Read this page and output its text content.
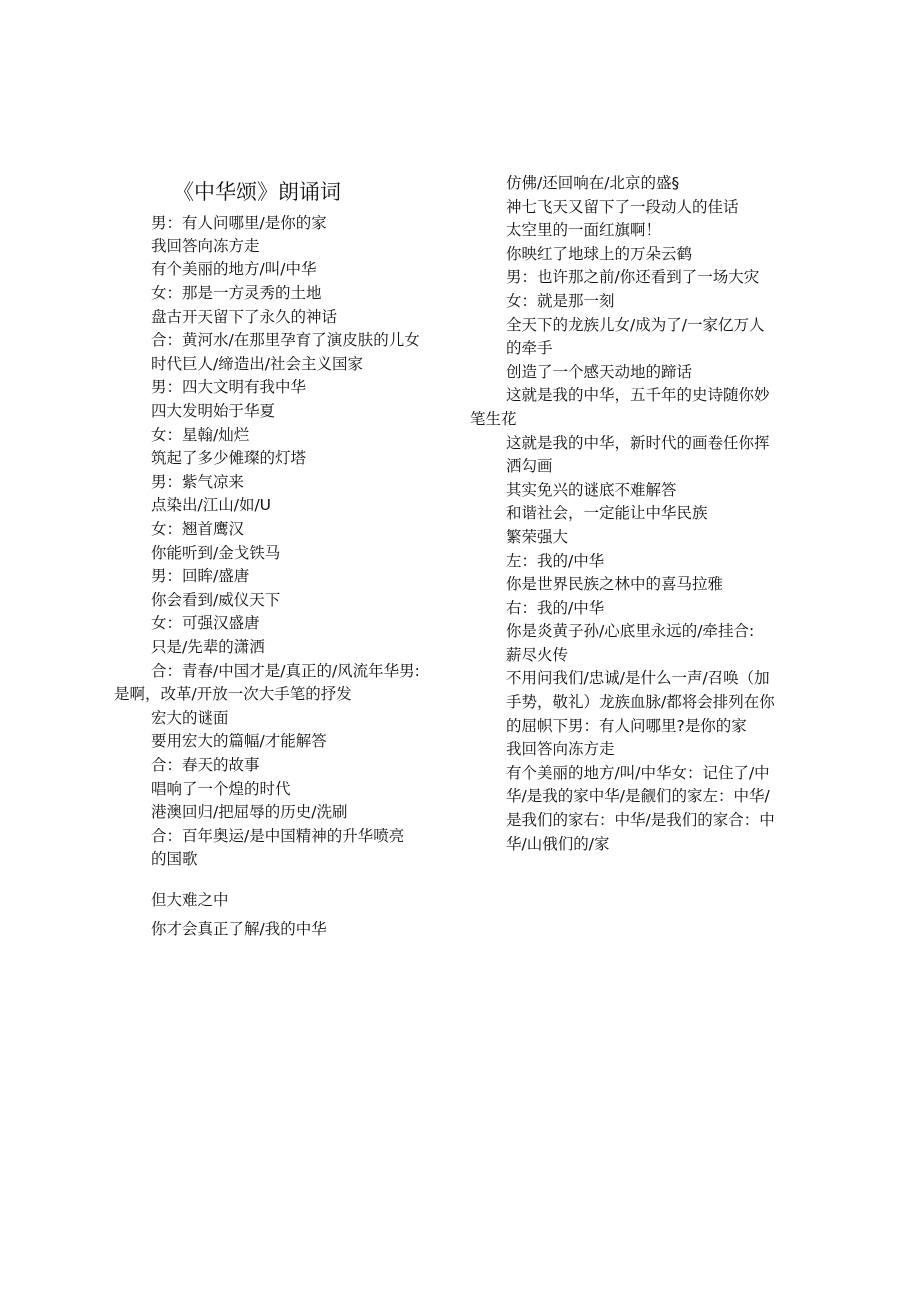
《中华颂》朗诵词
男：有人问哪里/是你的家
我回答向冻方走
有个美丽的地方/叫/中华
女：那是一方灵秀的土地
盘古开天留下了永久的神话
合：黄河水/在那里孕育了演皮肤的儿女
时代巨人/缔造出/社会主义国家
男：四大文明有我中华
四大发明始于华夏
女：星翰/灿烂
筑起了多少傩璨的灯塔
男：紫气凉来
点染出/江山/如/U
女：翘首鹰汉
你能听到/金戈铁马
男：回眸/盛唐
你会看到/威仪天下
女：可强汉盛唐
只是/先辈的潇洒
合：青春/中国才是/真正的/风流年华男:
是啊，改革/开放一次大手笔的抒发
宏大的谜面
要用宏大的篇幅/才能解答
合：春天的故事
唱响了一个煌的时代
港澳回归/把屈辱的历史/洗刷
合：百年奥运/是中国精神的升华喷亮
的国歌
但大难之中
你才会真正了解/我的中华
仿佛/还回响在/北京的盛§
神七飞天又留下了一段动人的佳话
太空里的一面红旗啊！
你映红了地球上的万朵云鹤
男：也许那之前/你还看到了一场大灾
女：就是那一刻
全天下的龙族儿女/成为了/一家亿万人
的牵手
创造了一个感天动地的蹄话
这就是我的中华，五千年的史诗随你妙
笔生花
这就是我的中华，新时代的画卷任你挥
洒勾画
其实免兴的谜底不难解答
和谐社会，一定能让中华民族
繁荣强大
左：我的/中华
你是世界民族之林中的喜马拉雅
右：我的/中华
你是炎黄子孙/心底里永远的/牵挂合:
薪尽火传
不用问我们/忠诚/是什么一声/召唤（加
手势，敬礼）龙族血脉/都将会排列在你
的屈帜下男：有人问哪里?是你的家
我回答向冻方走
有个美丽的地方/叫/中华女：记住了/中
华/是我的家中华/是觎们的家左：中华/
是我们的家右：中华/是我们的家合：中
华/山俄们的/家
